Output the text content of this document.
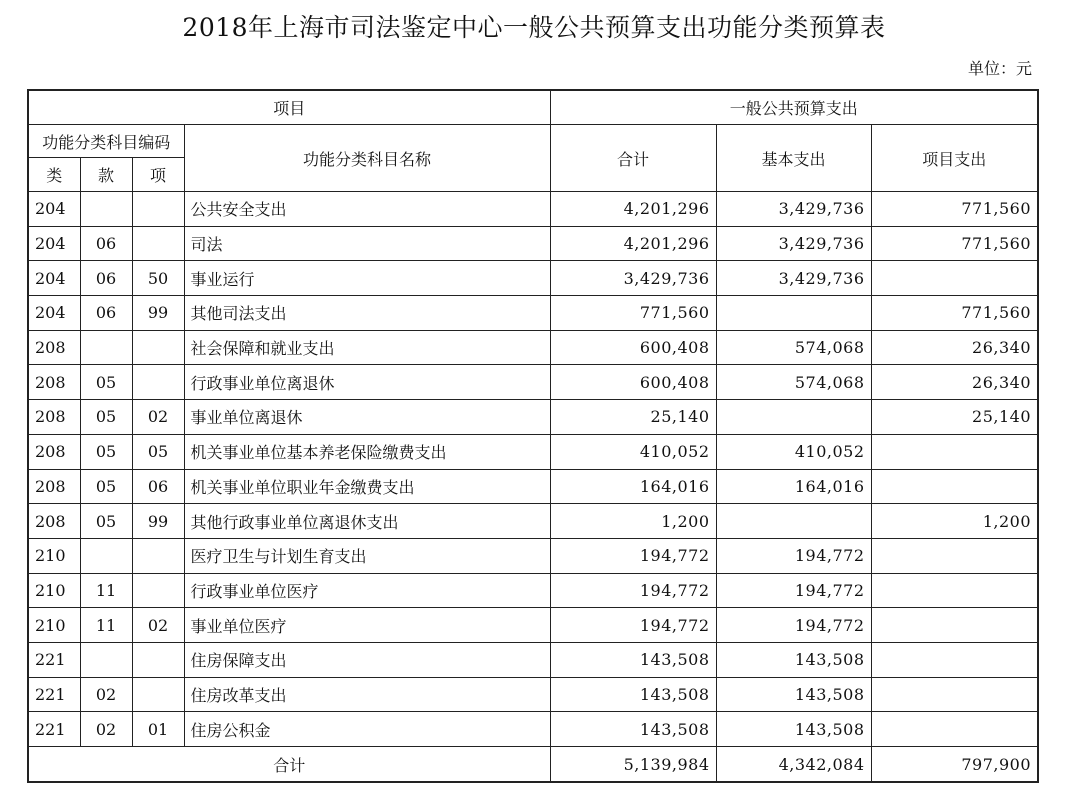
2018年上海市司法鉴定中心一般公共预算支出功能分类预算表
单位：元
项目				一般公共预算支出		
功能分类科目编码			功能分类科目名称	合计	基本支出	项目支出
类	款	项				
204			公共安全支出	4,201,296	3,429,736	771,560
204	06		司法	4,201,296	3,429,736	771,560
204	06	50	事业运行	3,429,736	3,429,736	
204	06	99	其他司法支出	771,560		771,560
208			社会保障和就业支出	600,408	574,068	26,340
208	05		行政事业单位离退休	600,408	574,068	26,340
208	05	02	事业单位离退休	25,140		25,140
208	05	05	机关事业单位基本养老保险缴费支出	410,052	410,052	
208	05	06	机关事业单位职业年金缴费支出	164,016	164,016	
208	05	99	其他行政事业单位离退休支出	1,200		1,200
210			医疗卫生与计划生育支出	194,772	194,772	
210	11		行政事业单位医疗	194,772	194,772	
210	11	02	事业单位医疗	194,772	194,772	
221			住房保障支出	143,508	143,508	
221	02		住房改革支出	143,508	143,508	
221	02	01	住房公积金	143,508	143,508	
合计				5,139,984	4,342,084	797,900
